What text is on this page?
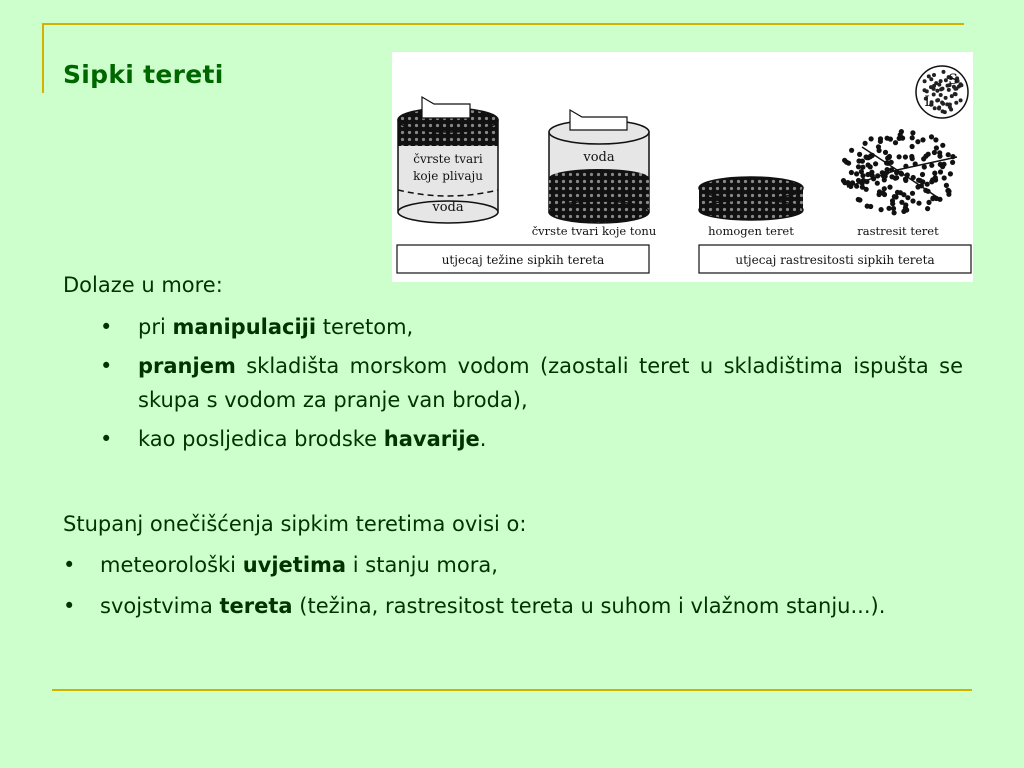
Sipki tereti
čvrste tvari
koje plivaju
voda
voda
čvrste tvari koje tonu	homogen teret	rastresit teret
S
L
utjecaj težine sipkih tereta	utjecaj rastresitosti sipkih tereta
Dolaze u more:
• pri manipulaciji teretom,
• pranjem skladišta morskom vodom (zaostali teret u skladištima ispušta se skupa s vodom za pranje van broda),
• kao posljedica brodske havarije.
Stupanj onečišćenja sipkim teretima ovisi o:
• meteorološki uvjetima i stanju mora,
• svojstvima tereta (težina, rastresitost tereta u suhom i vlažnom stanju...).
